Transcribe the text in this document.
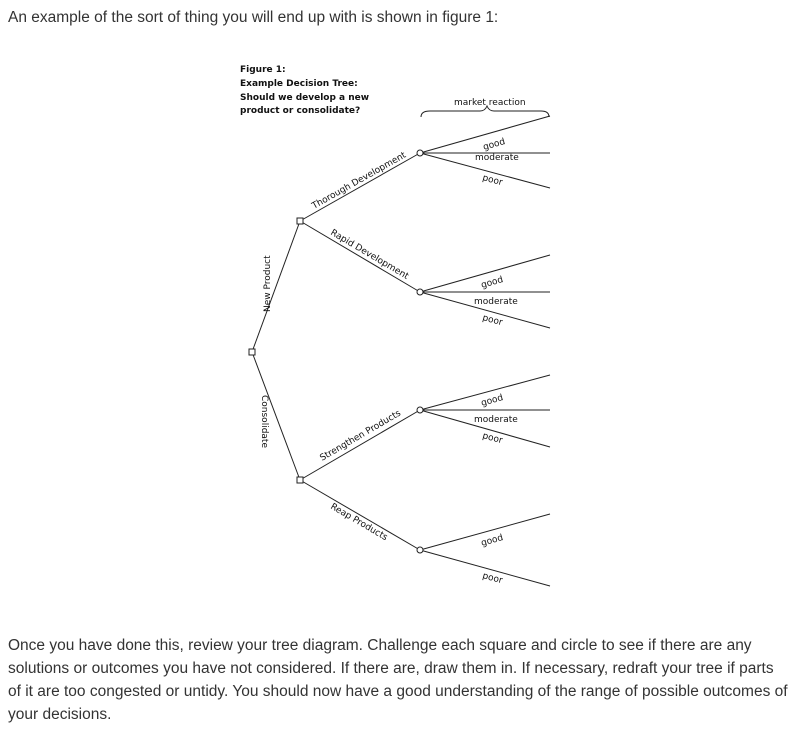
An example of the sort of thing you will end up with is shown in figure 1:

Figure 1:
Example Decision Tree:
Should we develop a new
product or consolidate?
market reaction
New Product
Consolidate
Thorough Development
Rapid Development
Strengthen Products
Reap Products
good
moderate
poor
good
moderate
poor
good
moderate
poor
good
poor

Once you have done this, review your tree diagram. Challenge each square and circle to see if there are any solutions or outcomes you have not considered. If there are, draw them in. If necessary, redraft your tree if parts of it are too congested or untidy. You should now have a good understanding of the range of possible outcomes of your decisions.
